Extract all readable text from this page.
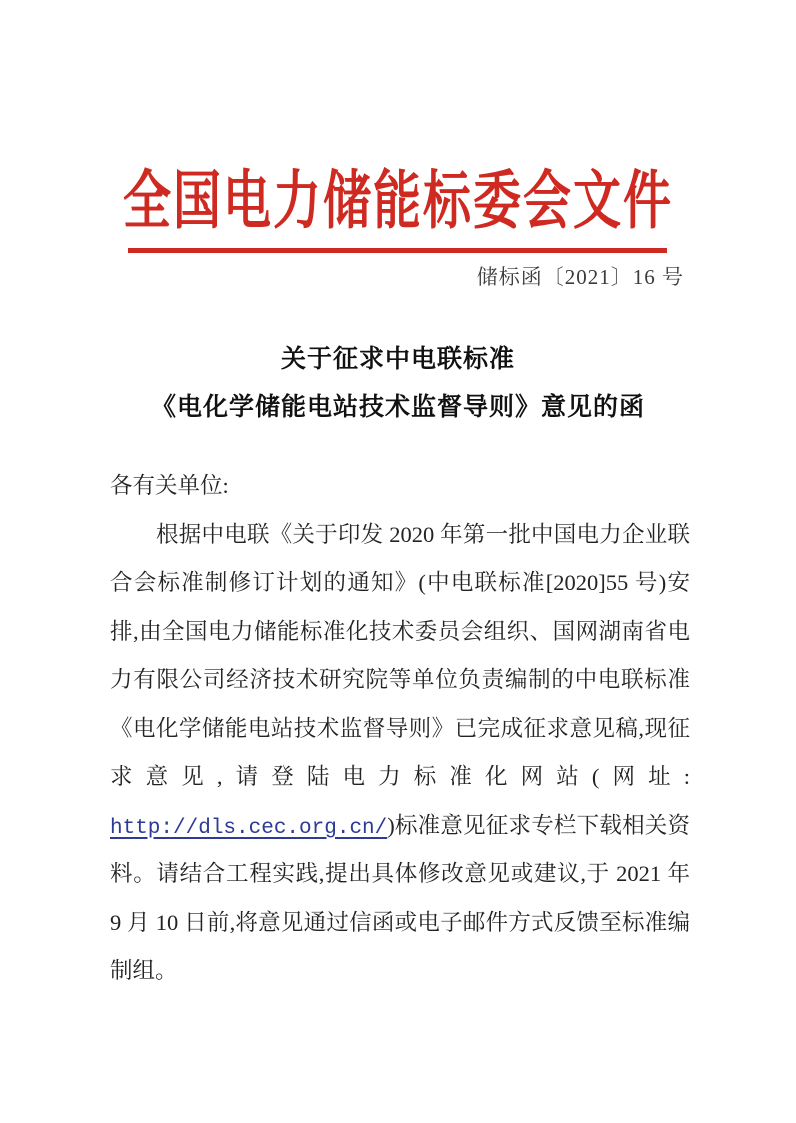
全国电力储能标委会文件
储标函〔2021〕16 号
关于征求中电联标准
《电化学储能电站技术监督导则》意见的函
各有关单位:
根据中电联《关于印发 2020 年第一批中国电力企业联
合会标准制修订计划的通知》(中电联标准[2020]55 号)安
排,由全国电力储能标准化技术委员会组织、国网湖南省电
力有限公司经济技术研究院等单位负责编制的中电联标准
《电化学储能电站技术监督导则》已完成征求意见稿,现征
求意见,请登陆电力标准化网站(网址:
http://dls.cec.org.cn/)标准意见征求专栏下载相关资
料。请结合工程实践,提出具体修改意见或建议,于 2021 年
9 月 10 日前,将意见通过信函或电子邮件方式反馈至标准编
制组。
